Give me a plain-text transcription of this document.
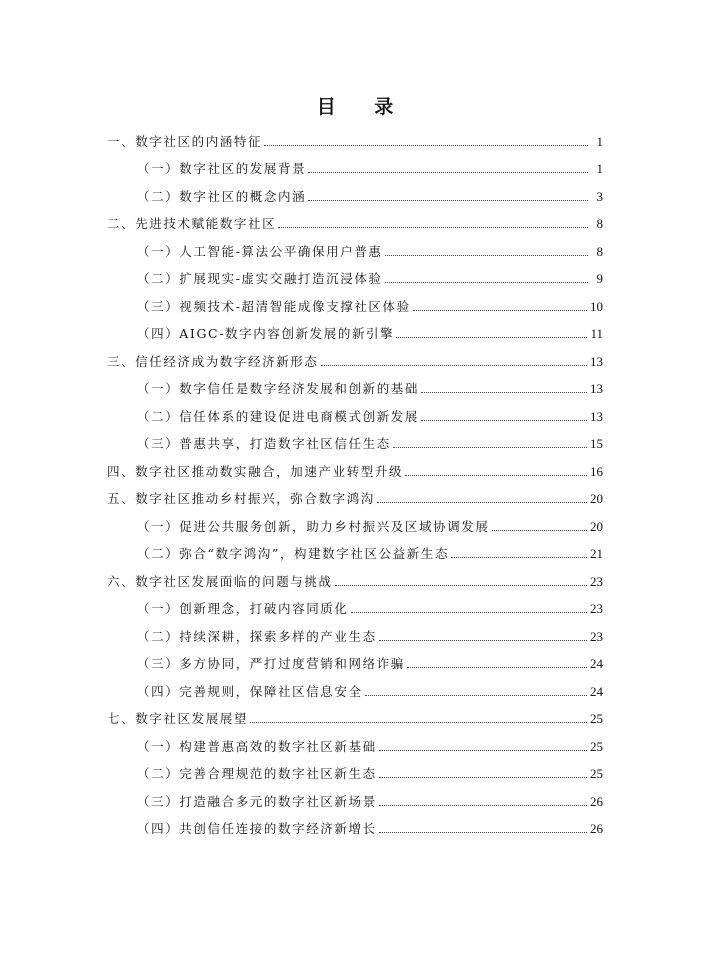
目 录
一、数字社区的内涵特征	1
（一）数字社区的发展背景	1
（二）数字社区的概念内涵	3
二、先进技术赋能数字社区	8
（一）人工智能-算法公平确保用户普惠	8
（二）扩展现实-虚实交融打造沉浸体验	9
（三）视频技术-超清智能成像支撑社区体验	10
（四）AIGC-数字内容创新发展的新引擎	11
三、信任经济成为数字经济新形态	13
（一）数字信任是数字经济发展和创新的基础	13
（二）信任体系的建设促进电商模式创新发展	13
（三）普惠共享，打造数字社区信任生态	15
四、数字社区推动数实融合，加速产业转型升级	16
五、数字社区推动乡村振兴，弥合数字鸿沟	20
（一）促进公共服务创新，助力乡村振兴及区域协调发展	20
（二）弥合“数字鸿沟”，构建数字社区公益新生态	21
六、数字社区发展面临的问题与挑战	23
（一）创新理念，打破内容同质化	23
（二）持续深耕，探索多样的产业生态	23
（三）多方协同，严打过度营销和网络诈骗	24
（四）完善规则，保障社区信息安全	24
七、数字社区发展展望	25
（一）构建普惠高效的数字社区新基础	25
（二）完善合理规范的数字社区新生态	25
（三）打造融合多元的数字社区新场景	26
（四）共创信任连接的数字经济新增长	26
